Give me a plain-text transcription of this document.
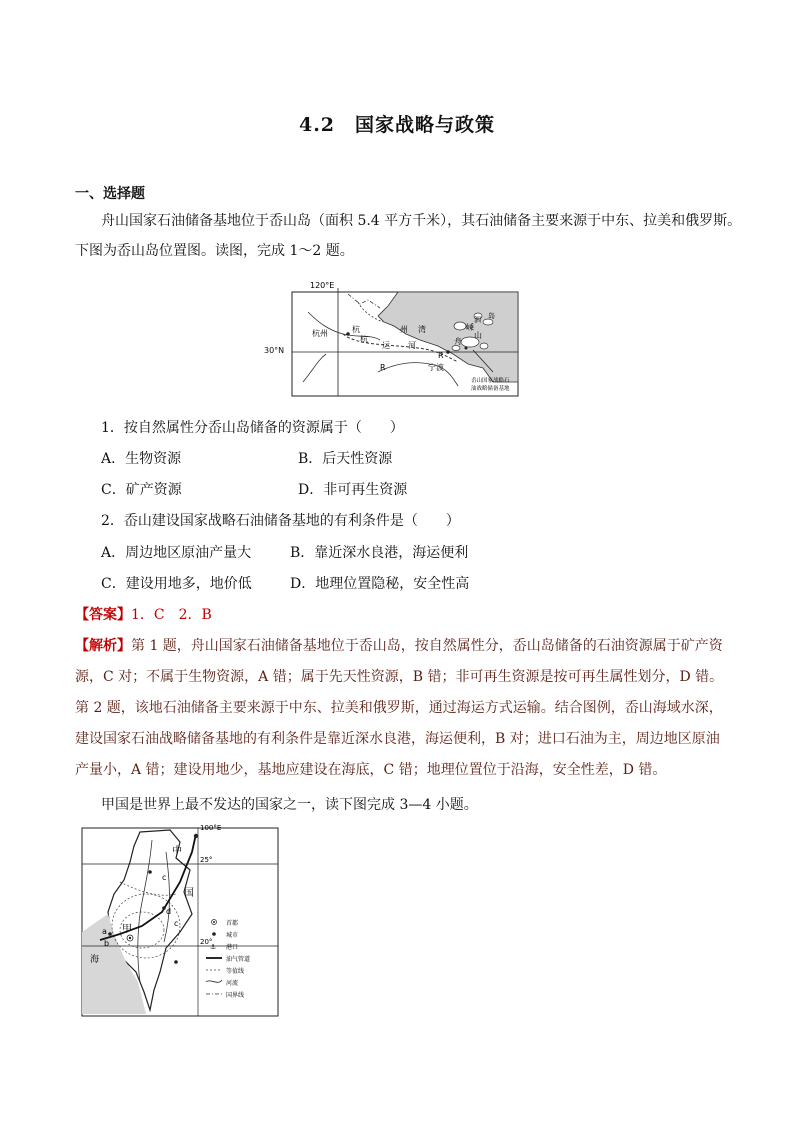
4.2　国家战略与政策
一、选择题
舟山国家石油储备基地位于岙山岛（面积 5.4 平方千米），其石油储备主要来源于中东、拉美和俄罗斯。
下图为岙山岛位置图。读图，完成 1～2 题。
120°E
杭州	杭
杭
州 湾	嵊
泗 岛
舟
山
运 河
R
R
宁波
岙山国家战略石
油战略储备基地
30°N
1．按自然属性分岙山岛储备的资源属于（　　）
A．生物资源	B．后天性资源
C．矿产资源	D．非可再生资源
2．岙山建设国家战略石油储备基地的有利条件是（　　）
A．周边地区原油产量大	B．靠近深水良港，海运便利
C．建设用地多，地价低	D．地理位置隐秘，安全性高
【答案】1．C　2．B
【解析】第 1 题，舟山国家石油储备基地位于岙山岛，按自然属性分，岙山岛储备的石油资源属于矿产资
源，C 对；不属于生物资源，A 错；属于先天性资源，B 错；非可再生资源是按可再生属性划分，D 错。
第 2 题，该地石油储备主要来源于中东、拉美和俄罗斯，通过海运方式运输。结合图例，岙山海域水深，
建设国家石油战略储备基地的有利条件是靠近深水良港，海运便利，B 对；进口石油为主，周边地区原油
产量小，A 错；建设用地少，基地应建设在海底，C 错；地理位置位于沿海，安全性差，D 错。
甲国是世界上最不发达的国家之一，读下图完成 3—4 小题。
100°E
25°
20°
中
国
甲
海
a
b
c
c
d
⚓
首都
城市
港口
油气管道
等值线
河流
国界线
